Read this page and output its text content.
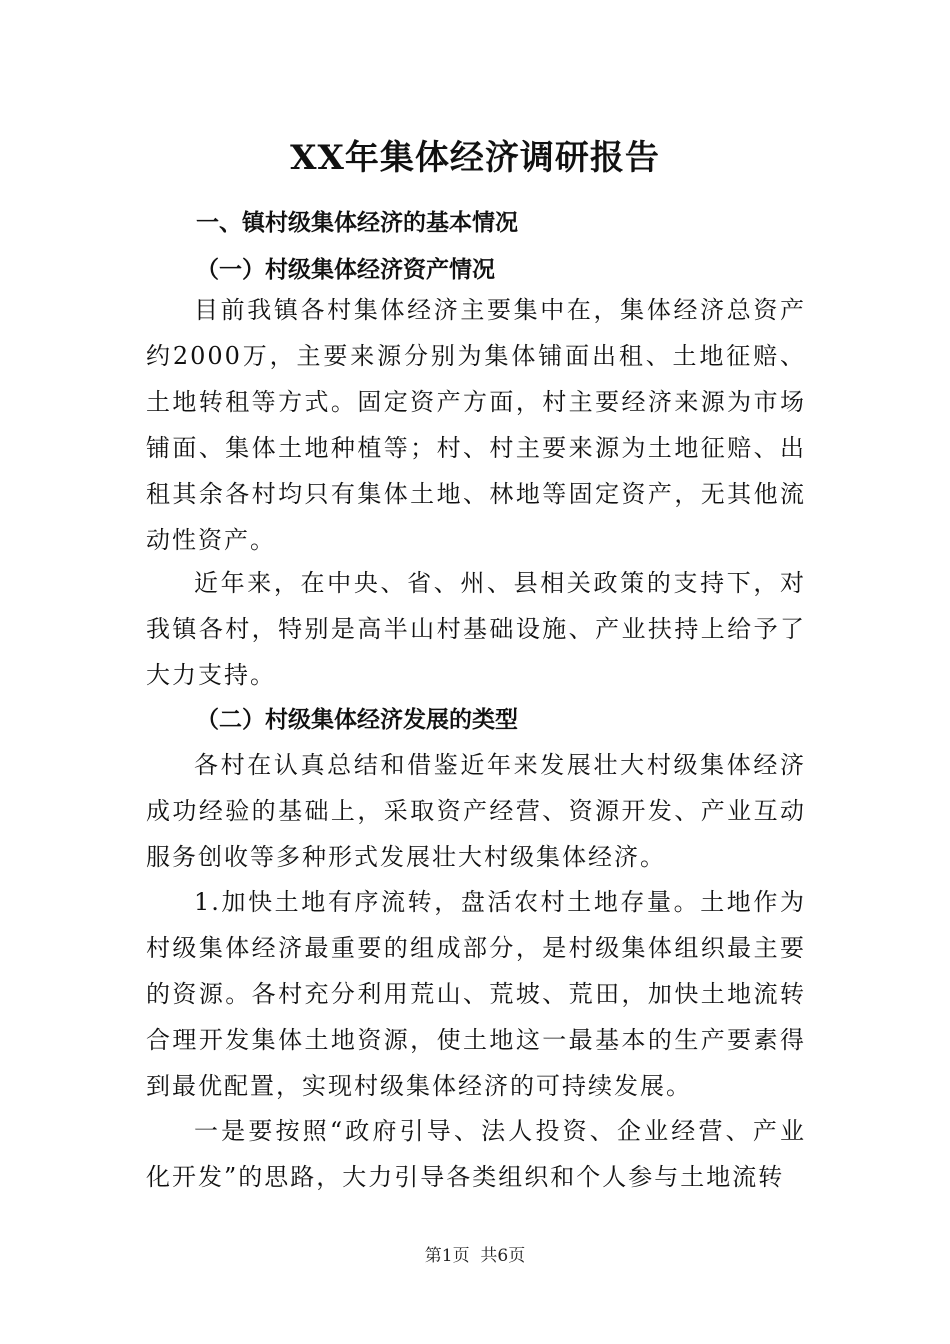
XX年集体经济调研报告
一、镇村级集体经济的基本情况
（一）村级集体经济资产情况

目前我镇各村集体经济主要集中在，集体经济总资产约2000万，主要来源分别为集体铺面出租、土地征赔、土地转租等方式。固定资产方面，村主要经济来源为市场铺面、集体土地种植等；村、村主要来源为土地征赔、出租其余各村均只有集体土地、林地等固定资产，无其他流动性资产。

近年来，在中央、省、州、县相关政策的支持下，对我镇各村，特别是高半山村基础设施、产业扶持上给予了大力支持。

（二）村级集体经济发展的类型

各村在认真总结和借鉴近年来发展壮大村级集体经济成功经验的基础上，采取资产经营、资源开发、产业互动服务创收等多种形式发展壮大村级集体经济。

1.加快土地有序流转，盘活农村土地存量。土地作为村级集体经济最重要的组成部分，是村级集体组织最主要的资源。各村充分利用荒山、荒坡、荒田，加快土地流转合理开发集体土地资源，使土地这一最基本的生产要素得到最优配置，实现村级集体经济的可持续发展。

一是要按照“政府引导、法人投资、企业经营、产业化开发”的思路，大力引导各类组织和个人参与土地流转

第1页  共6页
